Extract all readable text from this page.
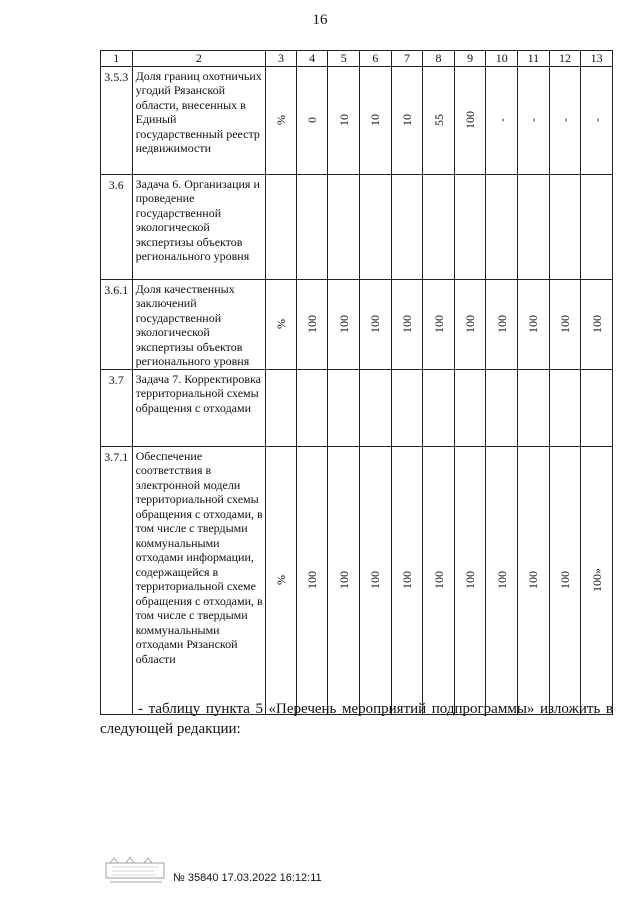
16
1	2	3	4	5	6	7	8	9	10	11	12	13
3.5.3	Доля границ охотничьих угодий Рязанской области, внесенных в Единый государственный реестр недвижимости	%	0	10	10	10	55	100	-	-	-	-

3.6	Задача 6. Организация и проведение государственной экологической экспертизы объектов регионального уровня	

3.6.1	Доля качественных заключений государственной экологической экспертизы объектов регионального уровня	%	100	100	100	100	100	100	100	100	100	100

3.7	Задача 7. Корректировка территориальной схемы обращения с отходами	

3.7.1	Обеспечение соответствия в электронной модели территориальной схемы обращения с отходами, в том числе с твердыми коммунальными отходами информации, содержащейся в территориальной схеме обращения с отходами, в том числе с твердыми коммунальными отходами Рязанской области	%	100	100	100	100	100	100	100	100	100	100»
- таблицу пункта 5 «Перечень мероприятий подпрограммы» изложить в следующей редакции:
№ 35840 17.03.2022 16:12:11
